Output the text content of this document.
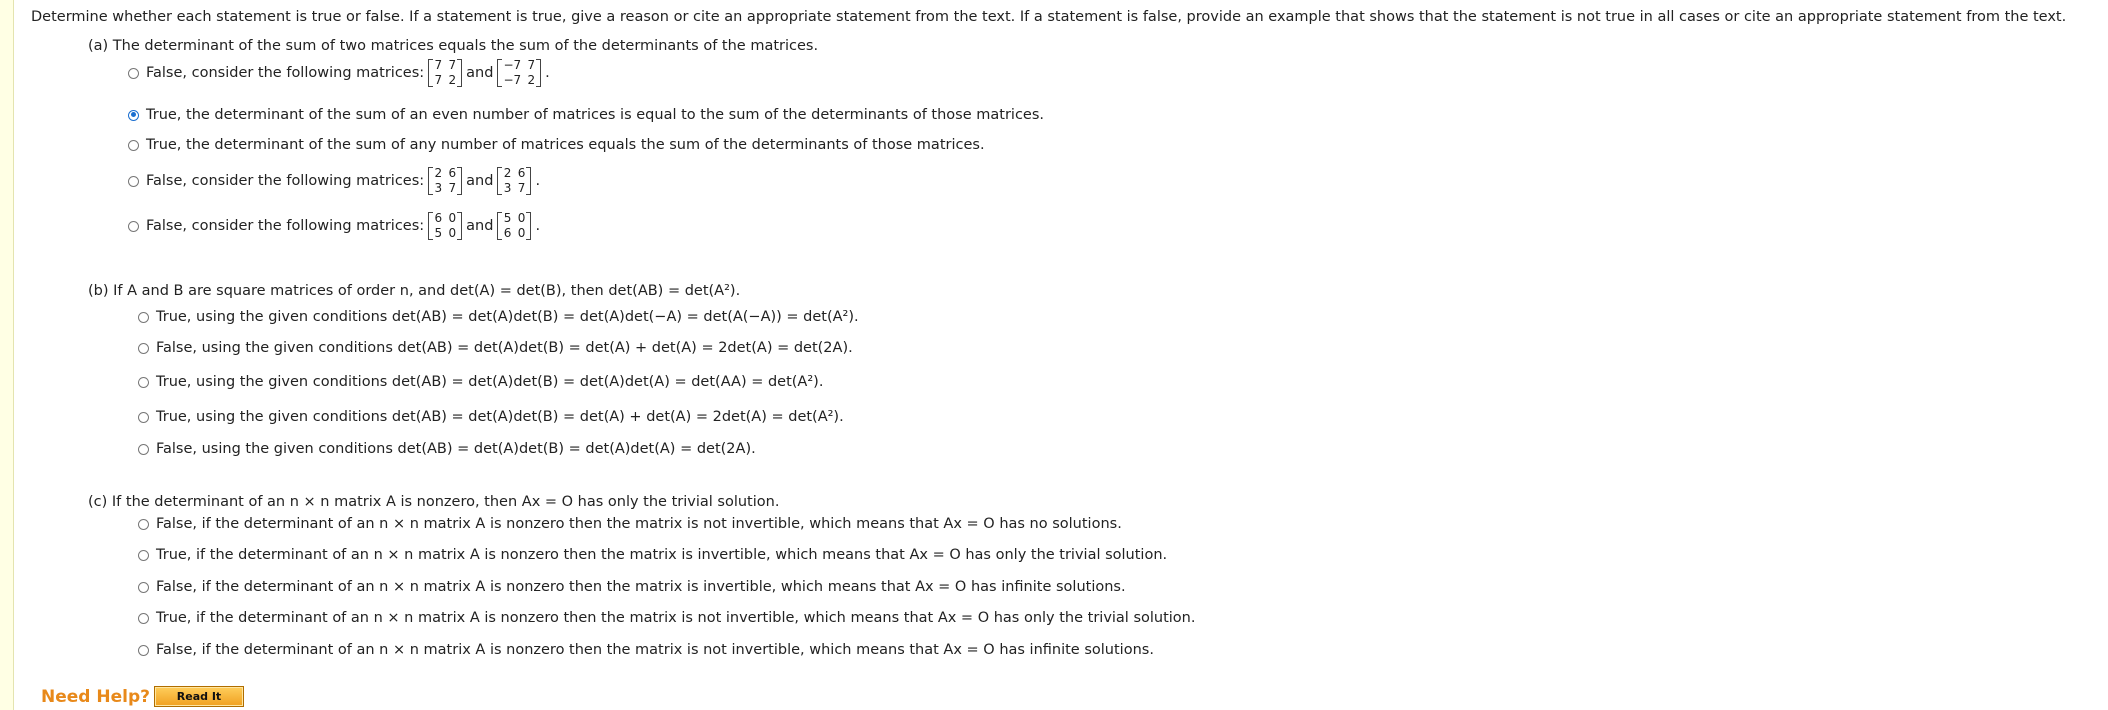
Determine whether each statement is true or false. If a statement is true, give a reason or cite an appropriate statement from the text. If a statement is false, provide an example that shows that the statement is not true in all cases or cite an appropriate statement from the text.
(a) The determinant of the sum of two matrices equals the sum of the determinants of the matrices.
False, consider the following matrices: 7 7
7 2 and −7 7
−7 2 .
True, the determinant of the sum of an even number of matrices is equal to the sum of the determinants of those matrices.
True, the determinant of the sum of any number of matrices equals the sum of the determinants of those matrices.
False, consider the following matrices: 2 6
3 7 and 2 6
3 7 .
False, consider the following matrices: 6 0
5 0 and 5 0
6 0 .
(b) If A and B are square matrices of order n, and det(A) = det(B), then det(AB) = det(A²).
True, using the given conditions det(AB) = det(A)det(B) = det(A)det(−A) = det(A(−A)) = det(A²).
False, using the given conditions det(AB) = det(A)det(B) = det(A) + det(A) = 2det(A) = det(2A).
True, using the given conditions det(AB) = det(A)det(B) = det(A)det(A) = det(AA) = det(A²).
True, using the given conditions det(AB) = det(A)det(B) = det(A) + det(A) = 2det(A) = det(A²).
False, using the given conditions det(AB) = det(A)det(B) = det(A)det(A) = det(2A).
(c) If the determinant of an n × n matrix A is nonzero, then Ax = O has only the trivial solution.
False, if the determinant of an n × n matrix A is nonzero then the matrix is not invertible, which means that Ax = O has no solutions.
True, if the determinant of an n × n matrix A is nonzero then the matrix is invertible, which means that Ax = O has only the trivial solution.
False, if the determinant of an n × n matrix A is nonzero then the matrix is invertible, which means that Ax = O has infinite solutions.
True, if the determinant of an n × n matrix A is nonzero then the matrix is not invertible, which means that Ax = O has only the trivial solution.
False, if the determinant of an n × n matrix A is nonzero then the matrix is not invertible, which means that Ax = O has infinite solutions.
Need Help?	Read It
